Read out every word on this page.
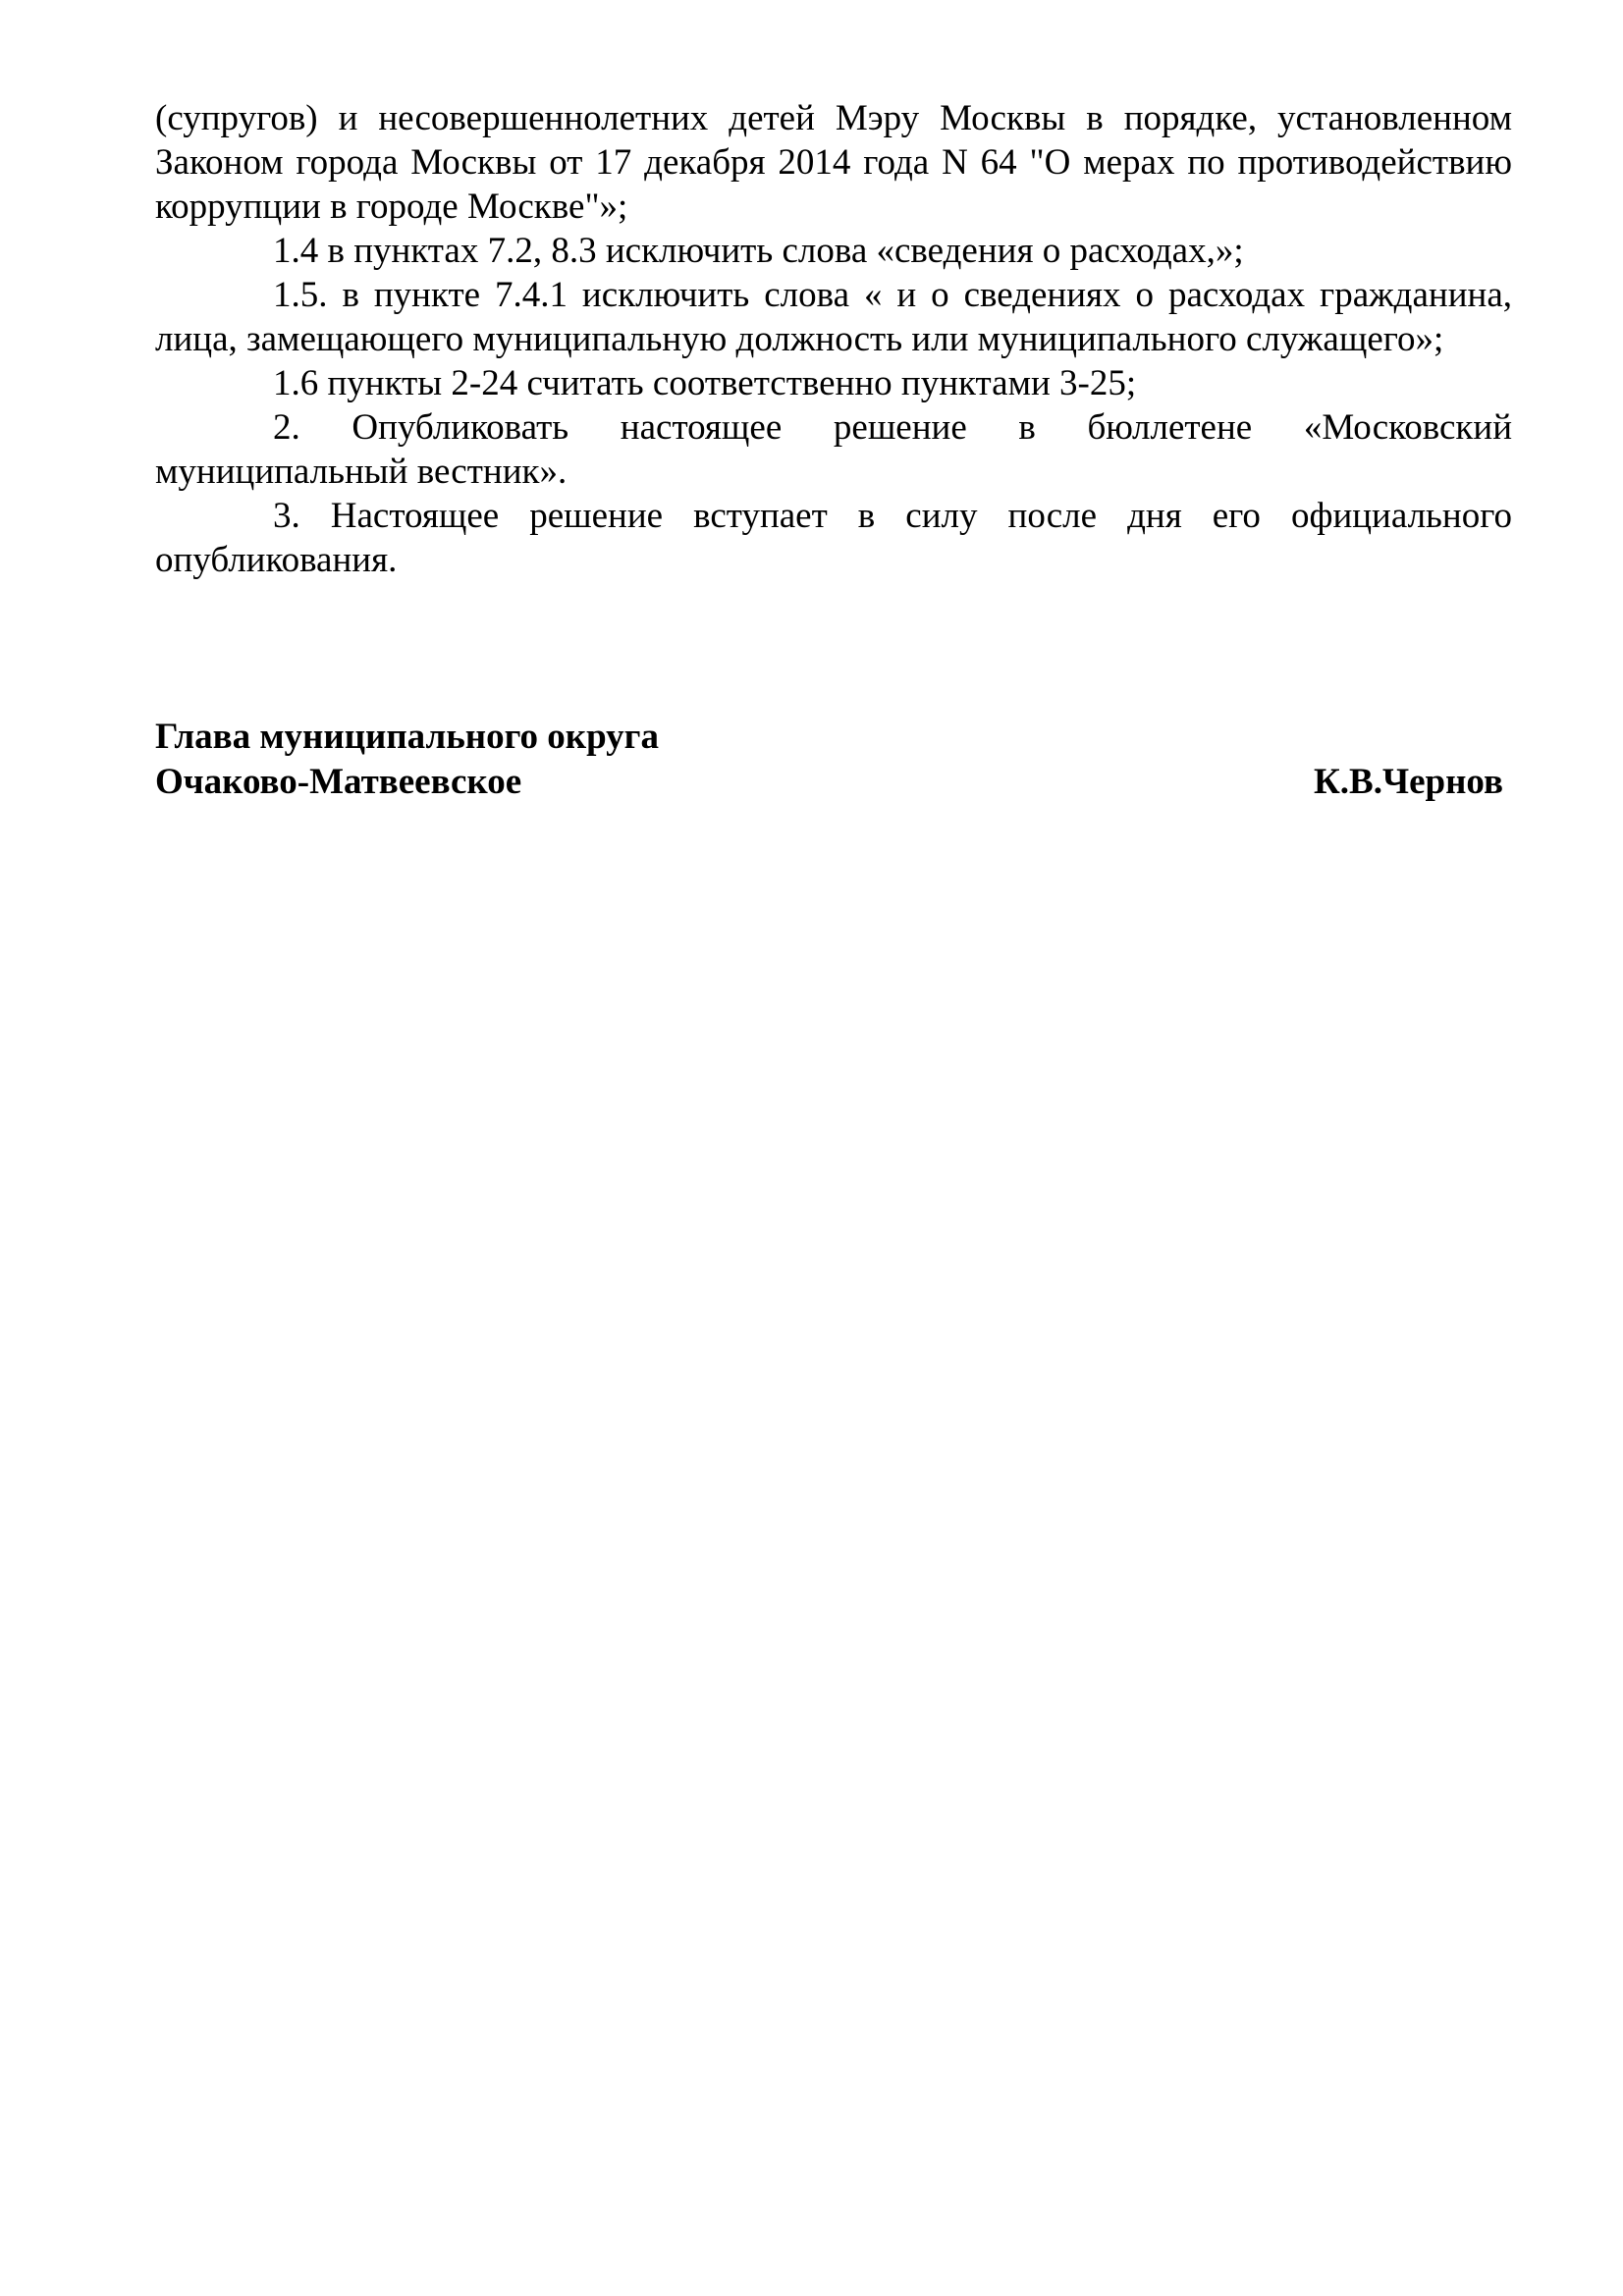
(супругов) и несовершеннолетних детей Мэру Москвы в порядке, установленном Законом города Москвы от 17 декабря 2014 года N 64 "О мерах по противодействию коррупции в городе Москве"»;

1.4 в пунктах 7.2, 8.3 исключить слова «сведения о расходах,»;

1.5. в пункте 7.4.1 исключить слова « и о сведениях о расходах гражданина, лица, замещающего муниципальную должность или муниципального служащего»;

1.6 пункты 2-24 считать соответственно пунктами 3-25;

2. Опубликовать настоящее решение в бюллетене «Московский муниципальный вестник».

3. Настоящее решение вступает в силу после дня его официального опубликования.

Глава муниципального округа
Очаково-Матвеевское	К.В.Чернов
